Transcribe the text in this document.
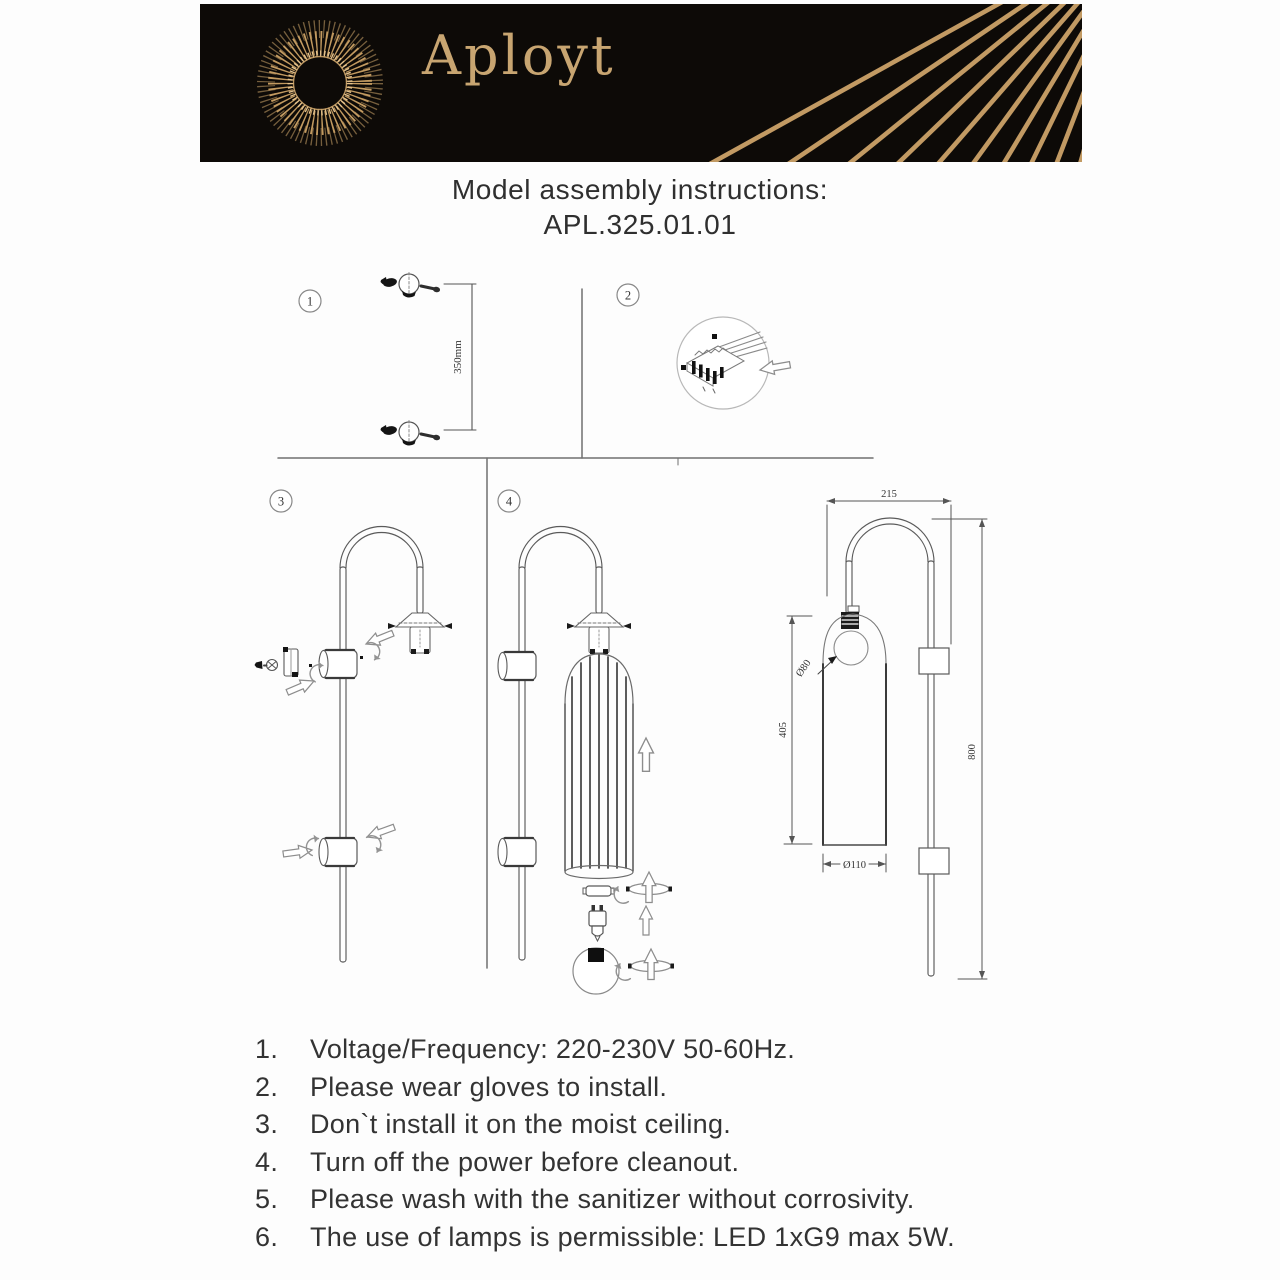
Aployt
Model assembly instructions:
APL.325.01.01
1
350mm
2
3	4	215
800
405
Ø80
Ø110
1. Voltage/Frequency: 220-230V 50-60Hz.
2. Please wear gloves to install.
3. Don`t install it on the moist ceiling.
4. Turn off the power before cleanout.
5. Please wash with the sanitizer without corrosivity.
6. The use of lamps is permissible: LED 1xG9 max 5W.
